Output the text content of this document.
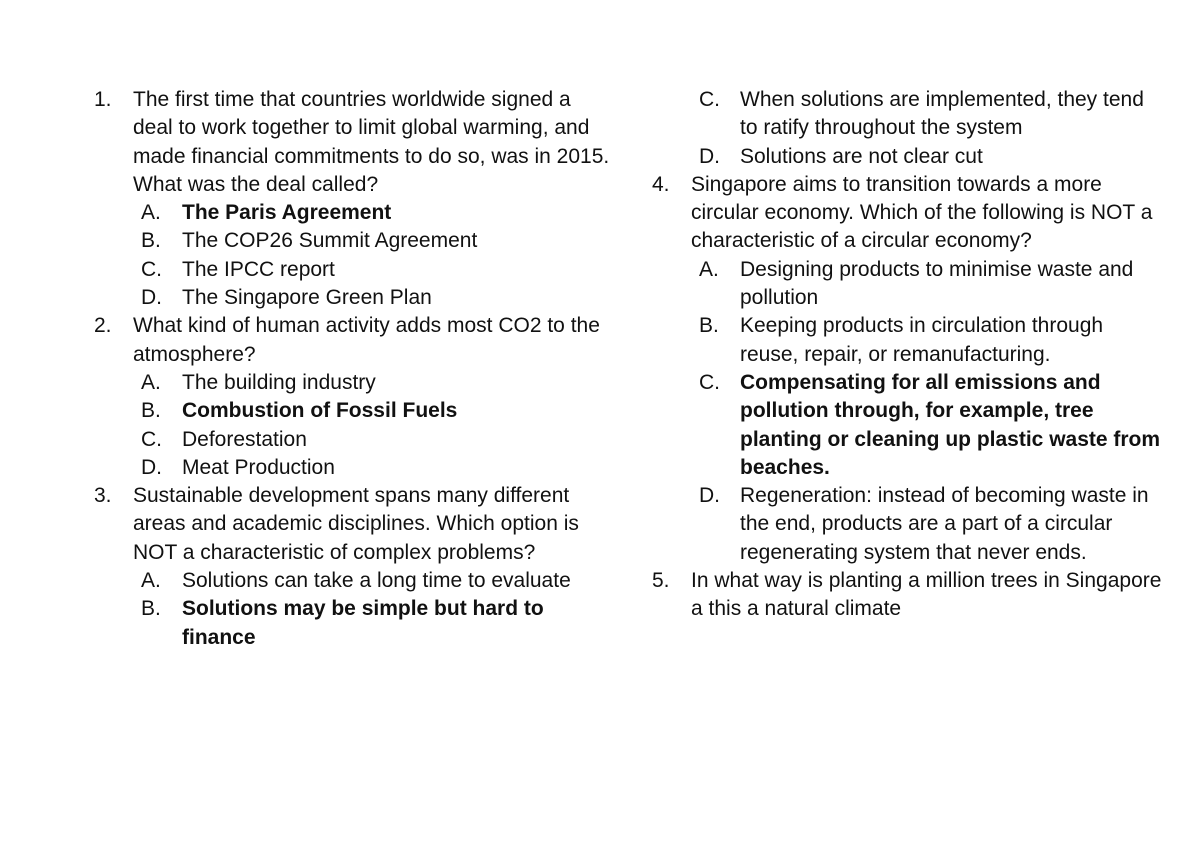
1.	The first time that countries worldwide signed a deal to work together to limit global warming, and made financial commitments to do so, was in 2015. What was the deal called?
A.	The Paris Agreement
B.	The COP26 Summit Agreement
C. The IPCC report
D. The Singapore Green Plan
2.	What kind of human activity adds most CO2 to the atmosphere?
A.	The building industry
B.	Combustion of Fossil Fuels
C. Deforestation
D. Meat Production
3.	Sustainable development spans many different areas and academic disciplines. Which option is NOT a characteristic of complex problems?
A.	Solutions can take a long time to evaluate
B.	Solutions may be simple but hard to finance
C. When solutions are implemented, they tend to ratify throughout the system
D. Solutions are not clear cut
4.	Singapore aims to transition towards a more circular economy. Which of the following is NOT a characteristic of a circular economy?
A.	Designing products to minimise waste and pollution
B.	Keeping products in circulation through reuse, repair, or remanufacturing.
C. Compensating for all emissions and pollution through, for example, tree planting or cleaning up plastic waste from beaches.
D. Regeneration: instead of becoming waste in the end, products are a part of a circular regenerating system that never ends.
5.	In what way is planting a million trees in Singapore a this a natural climate
